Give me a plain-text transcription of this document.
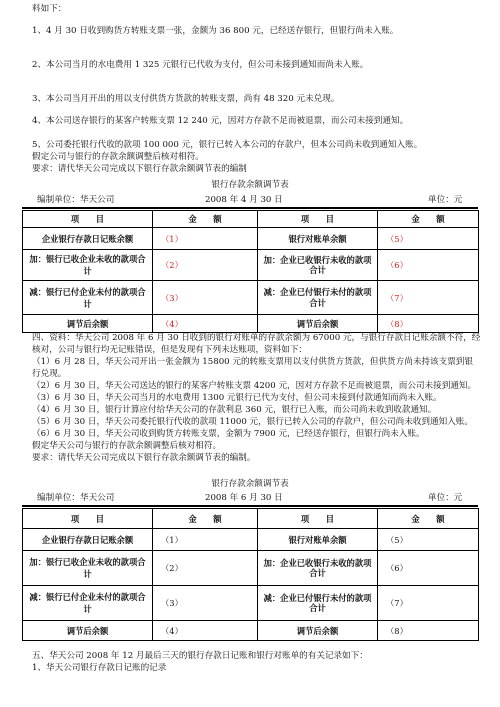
料如下：
1、4 月 30 日收到购货方转账支票一张，金额为 36 800 元，已经送存银行，但银行尚未入账。
2、本公司当月的水电费用 1 325 元银行已代收为支付，但公司未接到通知而尚未入账。
3、本公司当月开出的用以支付供货方货款的转账支票，尚有 48 320 元未兑现。
4、本公司送存银行的某客户转账支票 12 240 元，因对方存款不足而被退票，而公司未接到通知。
5、公司委托银行代收的款项 100 000 元，银行已转入本公司的存款户，但本公司尚未收到通知入账。
假定公司与银行的存款余额调整后核对相符。
要求：请代华天公司完成以下银行存款余额调节表的编制
银行存款余额调节表
编制单位：华天公司	2008 年 4 月 30 日	单位：元
项　　目	金　　额	项　　目	金　　额
企业银行存款日记账余额	（1）	银行对账单余额	（5）
加：银行已收企业未收的款项合计	（2）	加：企业已收银行未收的款项合计	（6）
减：银行已付企业未付的款项合计	（3）	减：企业已付银行未付的款项合计	（7）
调节后余额	（4）	调节后余额	（8）
四、资料：华天公司 2008 年 6 月 30 日收到的银行对账单的存款余额为 67000 元，与银行存款日记账余额不符，经
核对，公司与银行均无记账错误，但是发现有下列未达账项，资料如下：
（1）6 月 28 日，华天公司开出一张金额为 15800 元的转账支票用以支付供货方货款，但供货方尚未持该支票到银
行兑现。
（2）6 月 30 日，华天公司送达的银行的某客户转账支票 4200 元，因对方存款不足而被退票，而公司未接到通知。
（3）6 月 30 日，华天公司当月的水电费用 1300 元银行已代为支付，但公司未接到付款通知而尚未入账。
（4）6 月 30 日，银行计算应付给华天公司的存款利息 360 元，银行已入账，而公司尚未收到收款通知。
（5）6 月 30 日，华天公司委托银行代收的款项 11000 元，银行已转入公司的存款户，但公司尚未收到通知入账。
（6）6 月 30 日，华天公司收到购货方转账支票，金额为 7900 元，已经送存银行，但银行尚未入账。
假定华天公司与银行的存款余额调整后核对相符。
要求：请代华天公司完成以下银行存款余额调节表的编制。
银行存款余额调节表
编制单位：华天公司	2008 年 6 月 30 日	单位：元
项　　目	金　　额	项　　目	金　　额
企业银行存款日记账余额	（1）	银行对账单余额	（5）
加：银行已收企业未收的款项合计	（2）	加：企业已收银行未收的款项合计	（6）
减：银行已付企业未付的款项合计	（3）	减：企业已付银行未付的款项合计	（7）
调节后余额	（4）	调节后余额	（8）
五、华天公司 2008 年 12 月最后三天的银行存款日记账和银行对账单的有关记录如下：
1、华天公司银行存款日记账的记录
